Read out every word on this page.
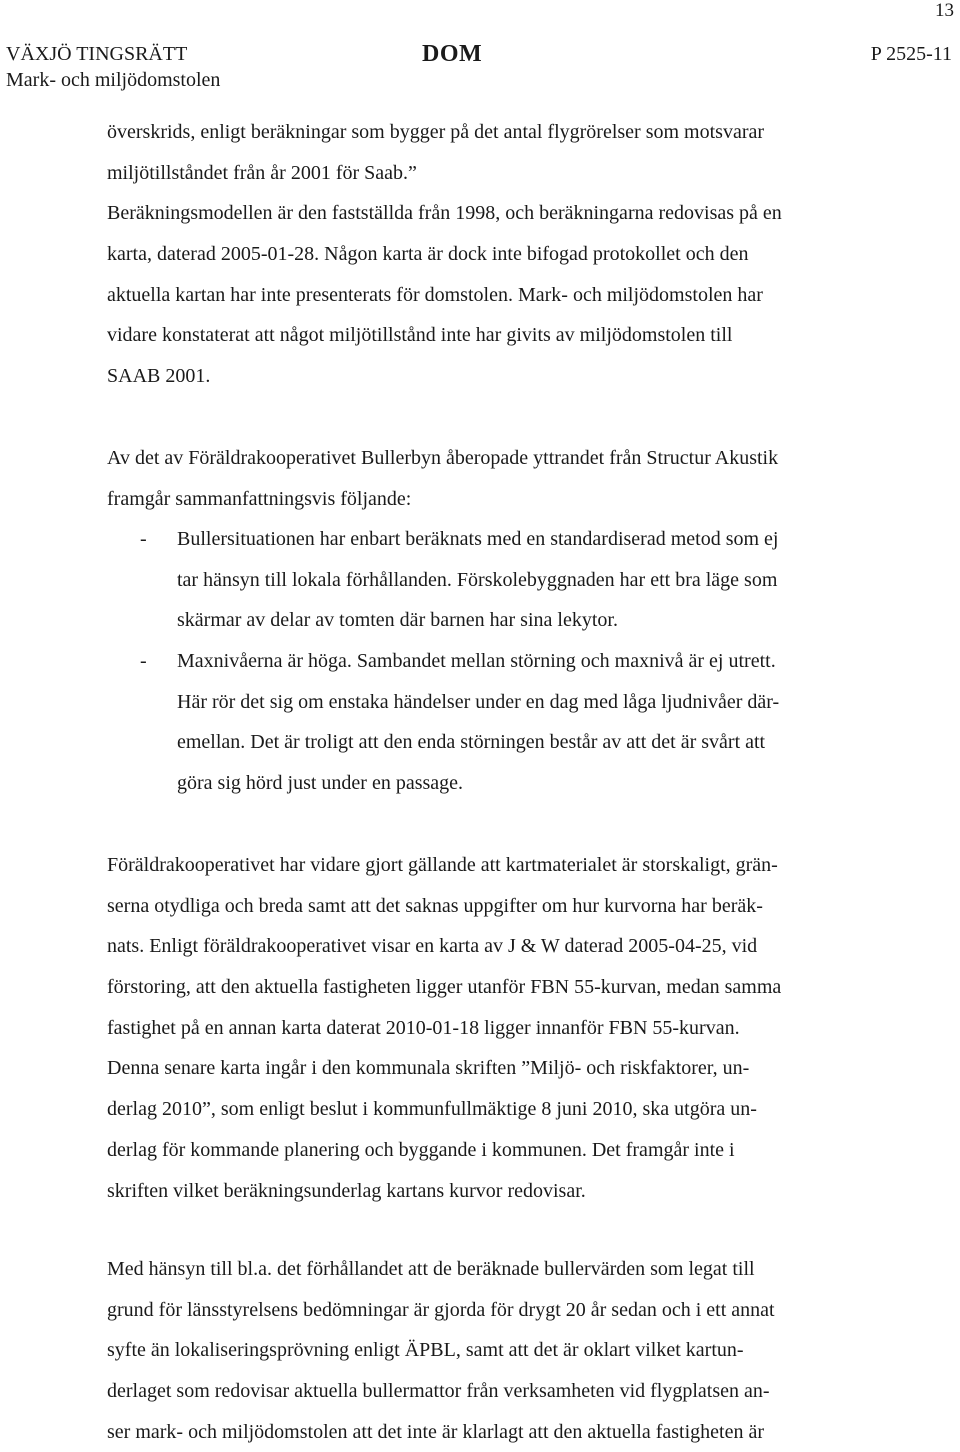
13
VÄXJÖ TINGSRÄTT
Mark- och miljödomstolen
DOM	P 2525-11
överskrids, enligt beräkningar som bygger på det antal flygrörelser som motsvarar
miljötillståndet från år 2001 för Saab.”
Beräkningsmodellen är den fastställda från 1998, och beräkningarna redovisas på en
karta, daterad 2005-01-28. Någon karta är dock inte bifogad protokollet och den
aktuella kartan har inte presenterats för domstolen. Mark- och miljödomstolen har
vidare konstaterat att något miljötillstånd inte har givits av miljödomstolen till
SAAB 2001.
Av det av Föräldrakooperativet Bullerbyn åberopade yttrandet från Structur Akustik
framgår sammanfattningsvis följande:
- Bullersituationen har enbart beräknats med en standardiserad metod som ej
tar hänsyn till lokala förhållanden. Förskolebyggnaden har ett bra läge som
skärmar av delar av tomten där barnen har sina lekytor.
- Maxnivåerna är höga. Sambandet mellan störning och maxnivå är ej utrett.
Här rör det sig om enstaka händelser under en dag med låga ljudnivåer där-
emellan. Det är troligt att den enda störningen består av att det är svårt att
göra sig hörd just under en passage.
Föräldrakooperativet har vidare gjort gällande att kartmaterialet är storskaligt, grän-
serna otydliga och breda samt att det saknas uppgifter om hur kurvorna har beräk-
nats. Enligt föräldrakooperativet visar en karta av J & W daterad 2005-04-25, vid
förstoring, att den aktuella fastigheten ligger utanför FBN 55-kurvan, medan samma
fastighet på en annan karta daterat 2010-01-18 ligger innanför FBN 55-kurvan.
Denna senare karta ingår i den kommunala skriften ”Miljö- och riskfaktorer, un-
derlag 2010”, som enligt beslut i kommunfullmäktige 8 juni 2010, ska utgöra un-
derlag för kommande planering och byggande i kommunen. Det framgår inte i
skriften vilket beräkningsunderlag kartans kurvor redovisar.
Med hänsyn till bl.a. det förhållandet att de beräknade bullervärden som legat till
grund för länsstyrelsens bedömningar är gjorda för drygt 20 år sedan och i ett annat
syfte än lokaliseringsprövning enligt ÄPBL, samt att det är oklart vilket kartun-
derlaget som redovisar aktuella bullermattor från verksamheten vid flygplatsen an-
ser mark- och miljödomstolen att det inte är klarlagt att den aktuella fastigheten är
